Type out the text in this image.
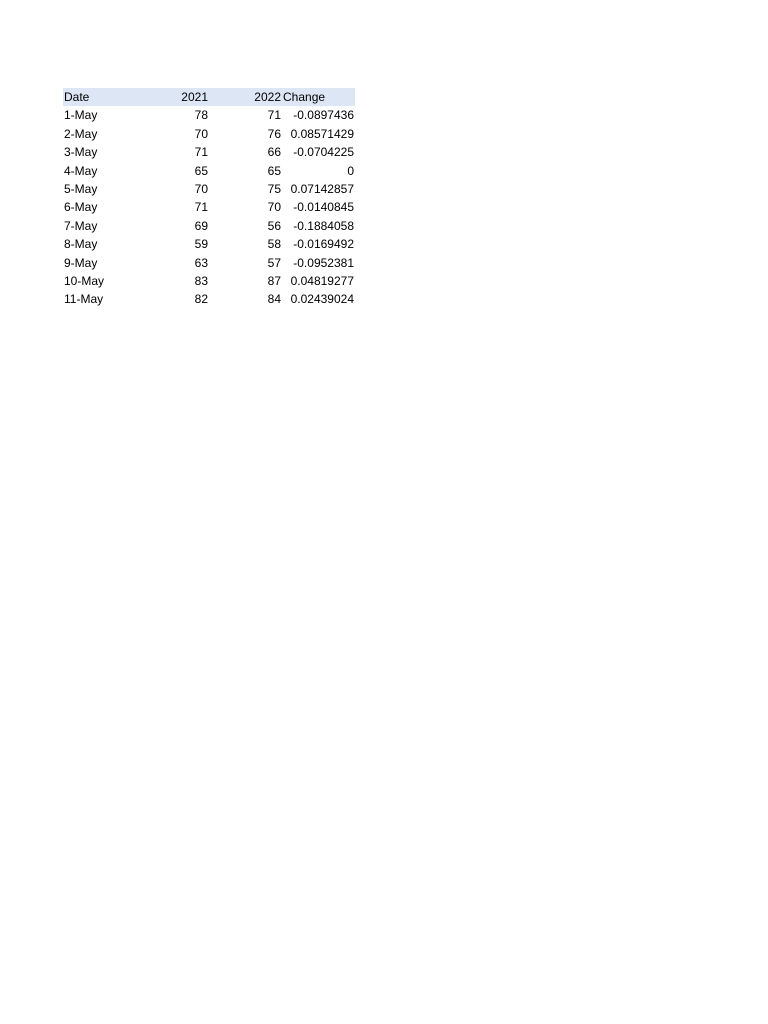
Date	2021	2022 Change
1-May	78	71	-0.0897436
2-May	70	76 0.08571429
3-May	71	66	-0.0704225
4-May	65	65	0
5-May	70	75 0.07142857
6-May	71	70	-0.0140845
7-May	69	56	-0.1884058
8-May	59	58	-0.0169492
9-May	63	57	-0.0952381
10-May	83	87 0.04819277
11-May	82	84 0.02439024
